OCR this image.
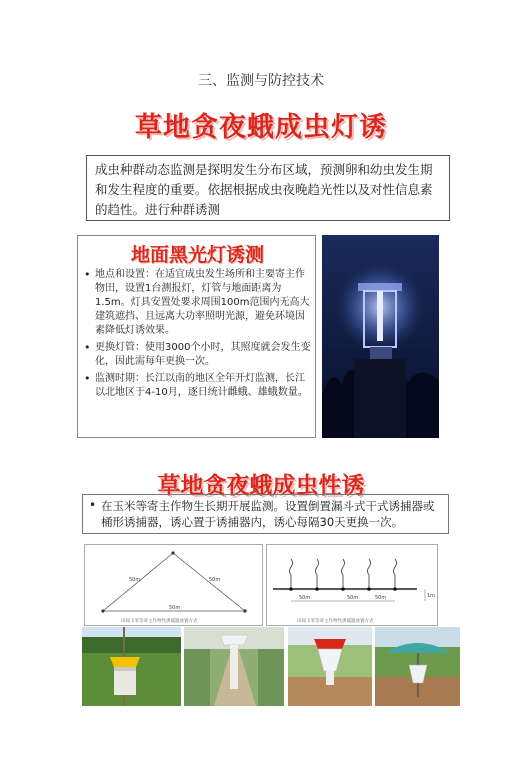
三、监测与防控技术
草地贪夜蛾成虫灯诱
成虫种群动态监测是探明发生分布区域，预测卵和幼虫发生期和发生程度的重要。依据根据成虫夜晚趋光性以及对性信息素的趋性。进行种群诱测
地面黑光灯诱测
• 地点和设置：在适宜成虫发生场所和主要寄主作物田，设置1台测报灯，灯管与地面距离为1.5m。灯具安置处要求周围100m范围内无高大建筑遮挡、且远离大功率照明光源，避免环境因素降低灯诱效果。
• 更换灯管：使用3000个小时，其照度就会发生变化，因此需每年更换一次。
• 监测时期：长江以南的地区全年开灯监测，长江以北地区于4-10月，逐日统计雌蛾、雄蛾数量。
草地贪夜蛾成虫性诱
• 在玉米等寄主作物生长期开展监测。设置倒置漏斗式干式诱捕器或桶形诱捕器，诱心置于诱捕器内，诱心每隔30天更换一次。
50m	50m
50m
田间玉米等寄主作物性诱捕器放置方式
50m	50m	50m	1m
田间玉米等寄主作物性诱捕器放置方式
